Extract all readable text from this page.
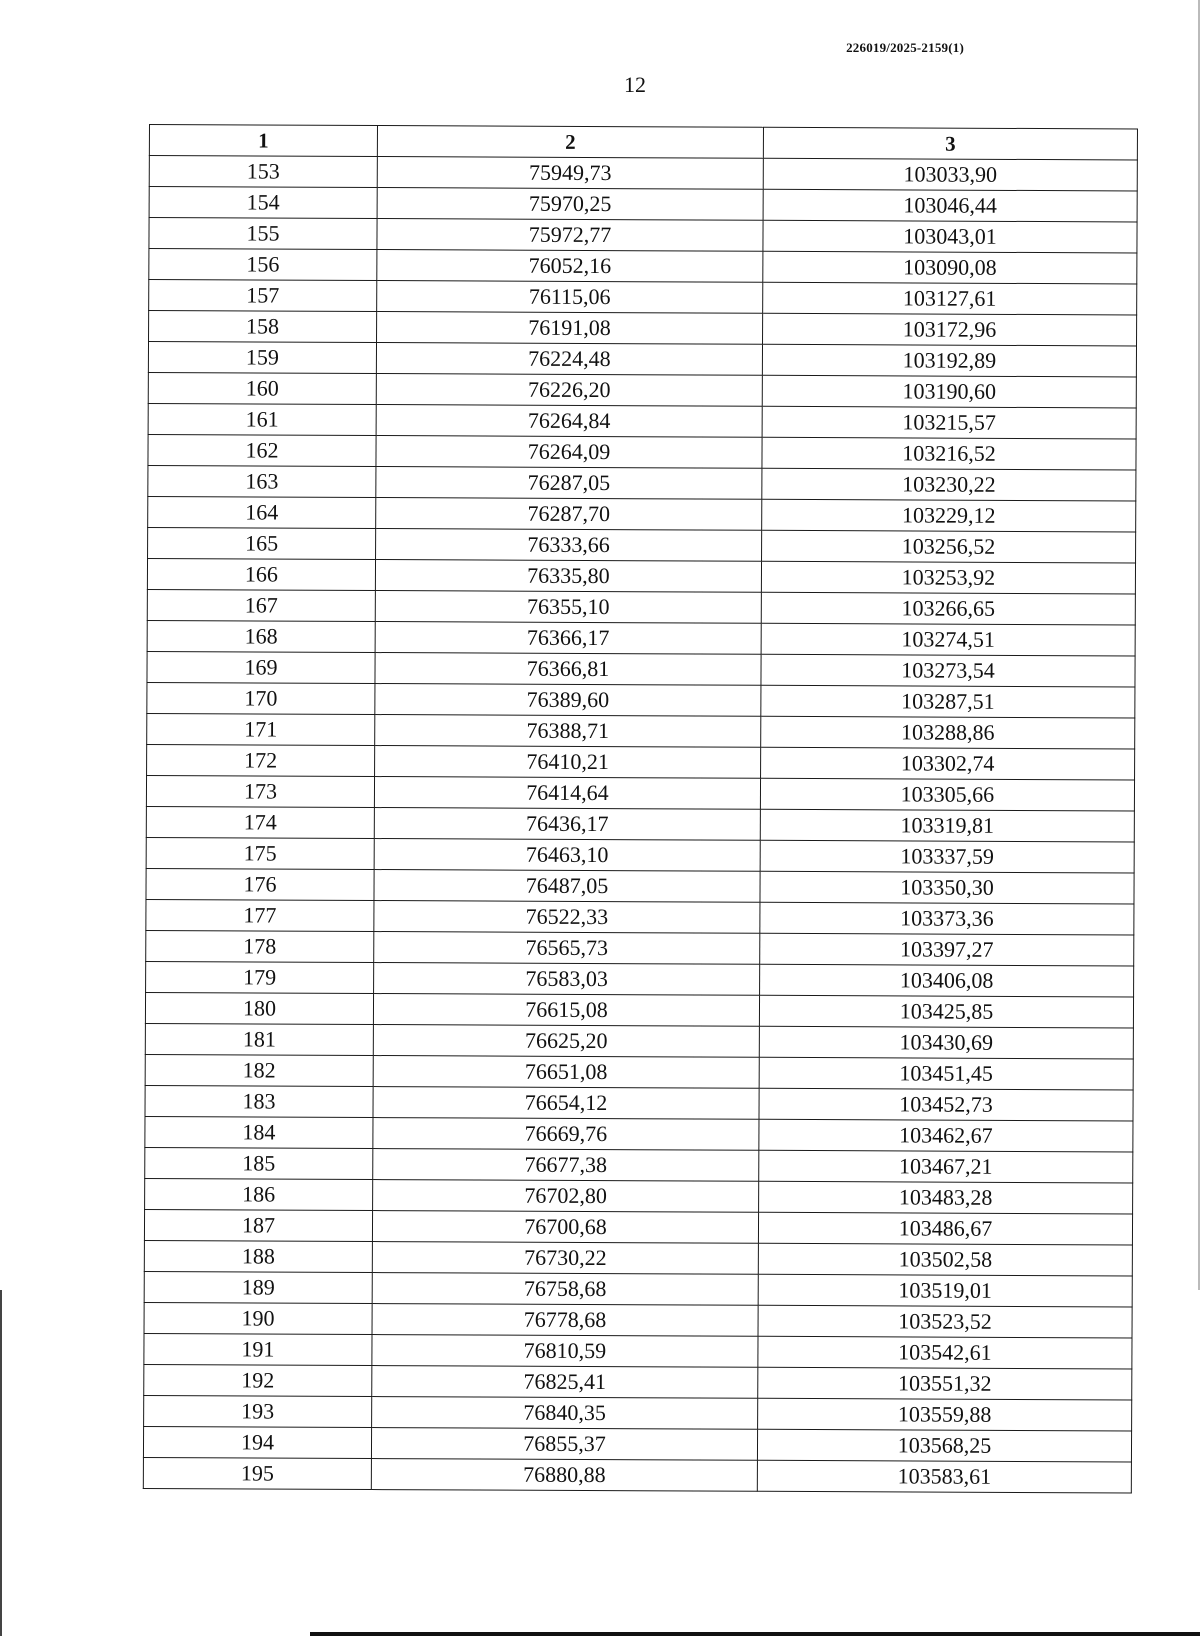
226019/2025-2159(1)
12
1	2	3
153	75949,73	103033,90
154	75970,25	103046,44
155	75972,77	103043,01
156	76052,16	103090,08
157	76115,06	103127,61
158	76191,08	103172,96
159	76224,48	103192,89
160	76226,20	103190,60
161	76264,84	103215,57
162	76264,09	103216,52
163	76287,05	103230,22
164	76287,70	103229,12
165	76333,66	103256,52
166	76335,80	103253,92
167	76355,10	103266,65
168	76366,17	103274,51
169	76366,81	103273,54
170	76389,60	103287,51
171	76388,71	103288,86
172	76410,21	103302,74
173	76414,64	103305,66
174	76436,17	103319,81
175	76463,10	103337,59
176	76487,05	103350,30
177	76522,33	103373,36
178	76565,73	103397,27
179	76583,03	103406,08
180	76615,08	103425,85
181	76625,20	103430,69
182	76651,08	103451,45
183	76654,12	103452,73
184	76669,76	103462,67
185	76677,38	103467,21
186	76702,80	103483,28
187	76700,68	103486,67
188	76730,22	103502,58
189	76758,68	103519,01
190	76778,68	103523,52
191	76810,59	103542,61
192	76825,41	103551,32
193	76840,35	103559,88
194	76855,37	103568,25
195	76880,88	103583,61
